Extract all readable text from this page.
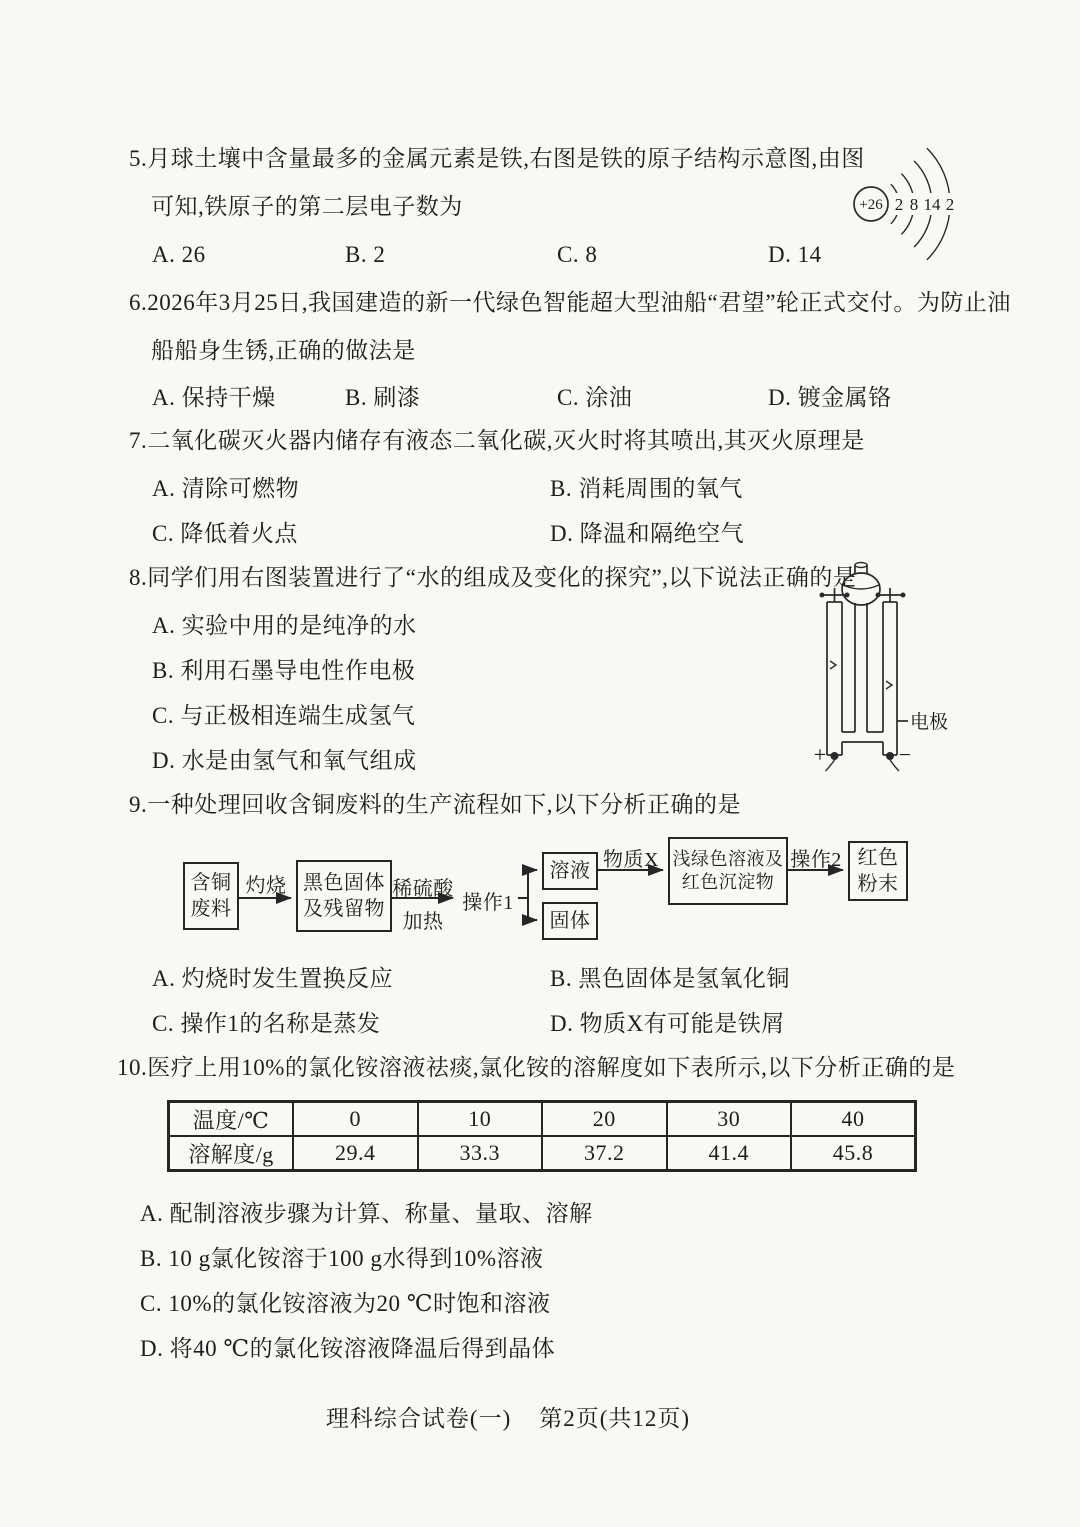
5.月球土壤中含量最多的金属元素是铁,右图是铁的原子结构示意图,由图
可知,铁原子的第二层电子数为
A. 26	B. 2	C. 8	D. 14
+26 2 8 14 2
6.2026年3月25日,我国建造的新一代绿色智能超大型油船“君望”轮正式交付。为防止油
船船身生锈,正确的做法是
A. 保持干燥	B. 刷漆	C. 涂油	D. 镀金属铬
7.二氧化碳灭火器内储存有液态二氧化碳,灭火时将其喷出,其灭火原理是
A. 清除可燃物	B. 消耗周围的氧气
C. 降低着火点	D. 降温和隔绝空气
8.同学们用右图装置进行了“水的组成及变化的探究”,以下说法正确的是
A. 实验中用的是纯净的水
B. 利用石墨导电性作电极
C. 与正极相连端生成氢气
D. 水是由氢气和氧气组成
电极
+	−
9.一种处理回收含铜废料的生产流程如下,以下分析正确的是
含铜
废料
灼烧 黑色固体
及残留物
稀硫酸
加热
操作1
溶液
固体
物质X 浅绿色溶液及
红色沉淀物
操作2 红色
粉末
A. 灼烧时发生置换反应	B. 黑色固体是氢氧化铜
C. 操作1的名称是蒸发	D. 物质X有可能是铁屑
10.医疗上用10%的氯化铵溶液祛痰,氯化铵的溶解度如下表所示,以下分析正确的是
温度/℃	0	10	20	30	40
溶解度/g	29.4	33.3	37.2	41.4	45.8
A. 配制溶液步骤为计算、称量、量取、溶解
B. 10 g氯化铵溶于100 g水得到10%溶液
C. 10%的氯化铵溶液为20 ℃时饱和溶液
D. 将40 ℃的氯化铵溶液降温后得到晶体
理科综合试卷(一) 第2页(共12页)
